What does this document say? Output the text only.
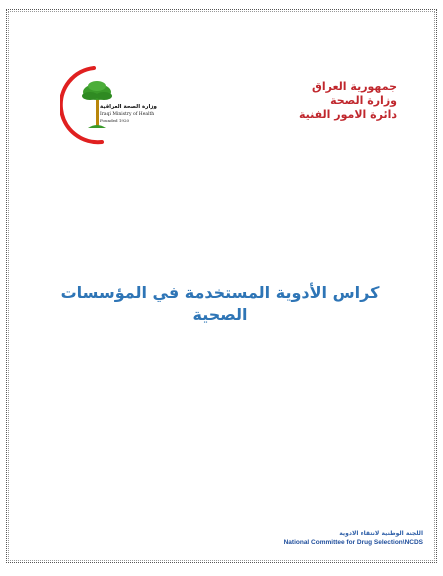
وزارة الصحة العراقية
Iraqi Ministry of Health
Founded 1920
جمهورية العراق
وزارة الصحة
دائرة الامور الفنية
كراس الأدوية المستخدمة في المؤسسات الصحية
اللجنة الوطنية لانتقاء الادوية
National Committee for Drug Selection\NCDS
